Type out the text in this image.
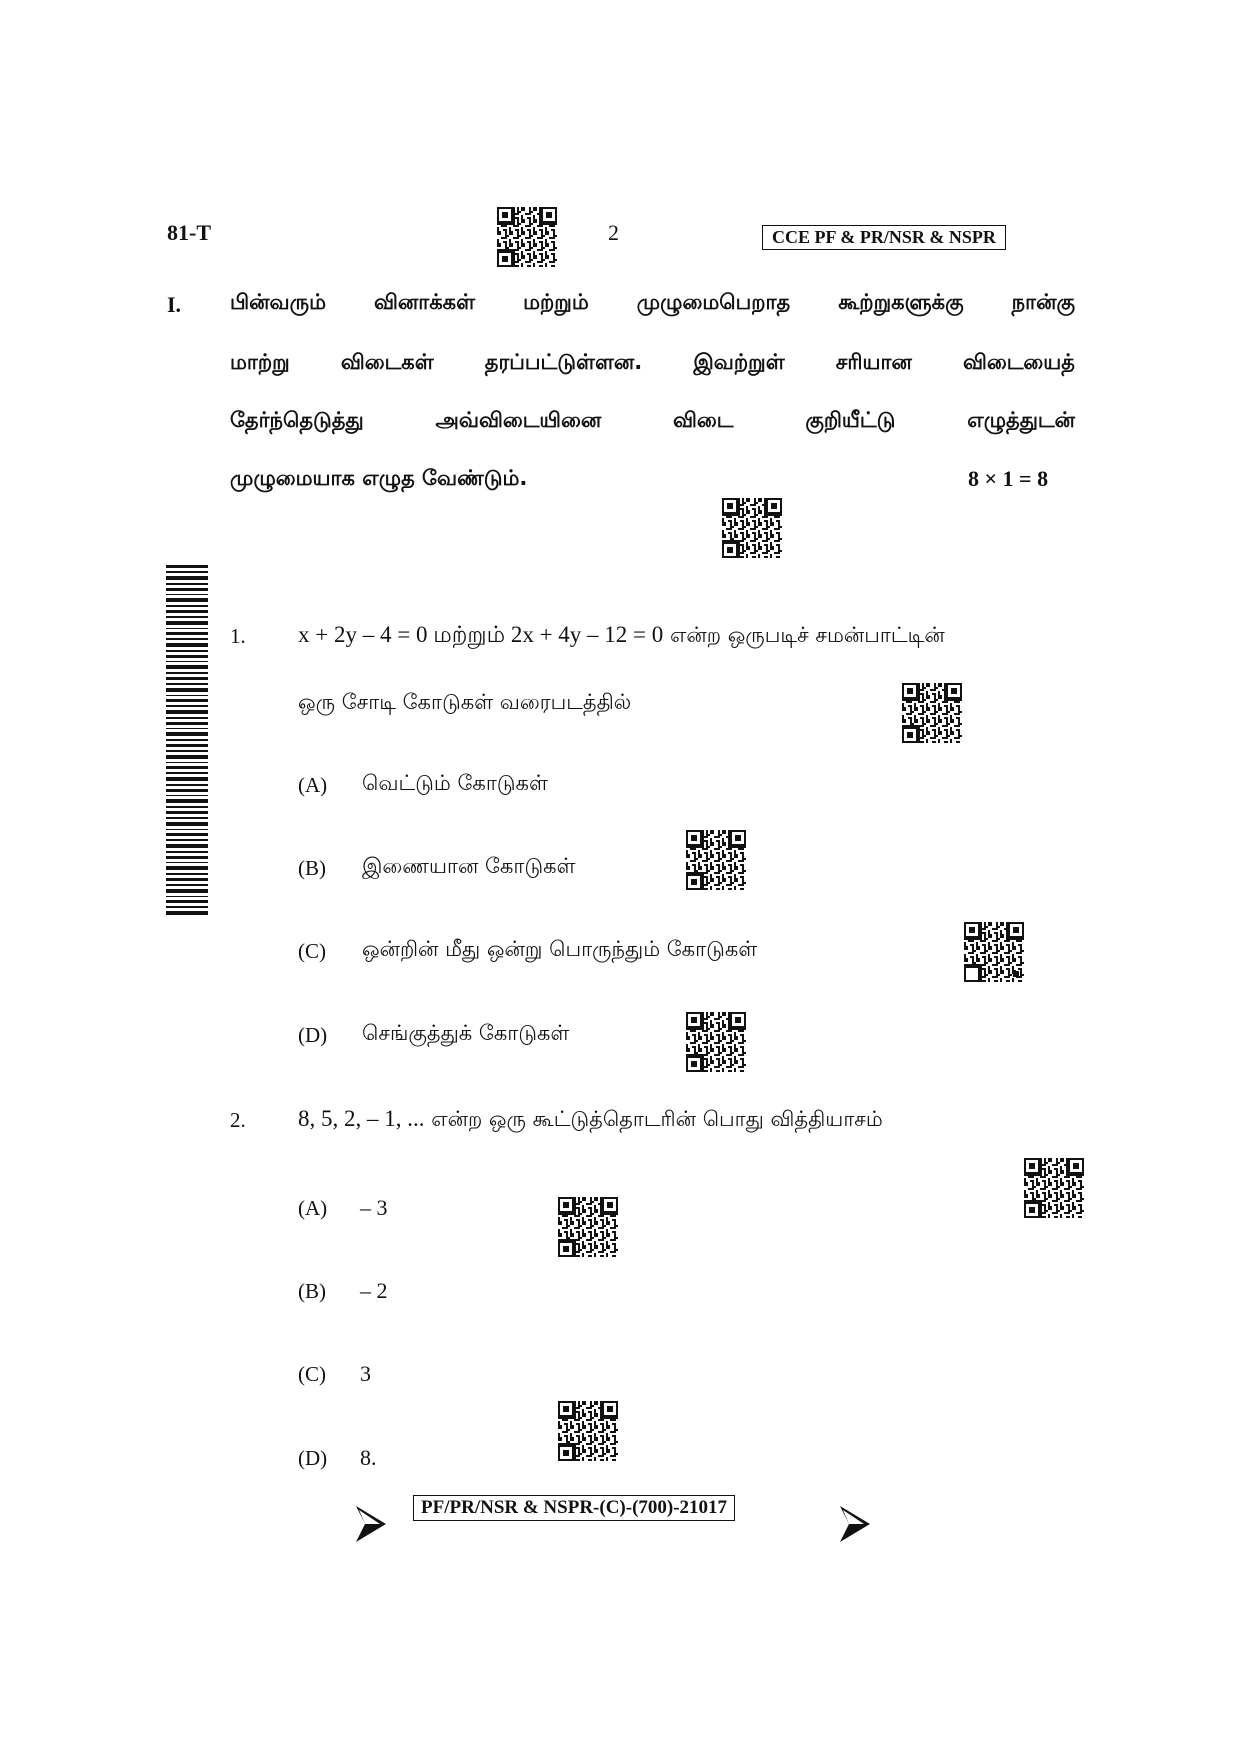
81-T	2	CCE PF & PR/NSR & NSPR
I. பின்வரும் வினாக்கள் மற்றும் முழுமைபெறாத கூற்றுகளுக்கு நான்கு
மாற்று விடைகள் தரப்பட்டுள்ளன. இவற்றுள் சரியான விடையைத்
தேர்ந்தெடுத்து அவ்விடையினை விடை குறியீட்டு எழுத்துடன்
முழுமையாக எழுத வேண்டும்.	8 × 1 = 8
1. x + 2y – 4 = 0 மற்றும் 2x + 4y – 12 = 0 என்ற ஒருபடிச் சமன்பாட்டின்
ஒரு சோடி கோடுகள் வரைபடத்தில்
(A) வெட்டும் கோடுகள்
(B) இணையான கோடுகள்
(C) ஒன்றின் மீது ஒன்று பொருந்தும் கோடுகள்
(D) செங்குத்துக் கோடுகள்
2. 8, 5, 2, – 1, ... என்ற ஒரு கூட்டுத்தொடரின் பொது வித்தியாசம்
(A) – 3
(B) – 2
(C) 3
(D) 8.
PF/PR/NSR & NSPR-(C)-(700)-21017
